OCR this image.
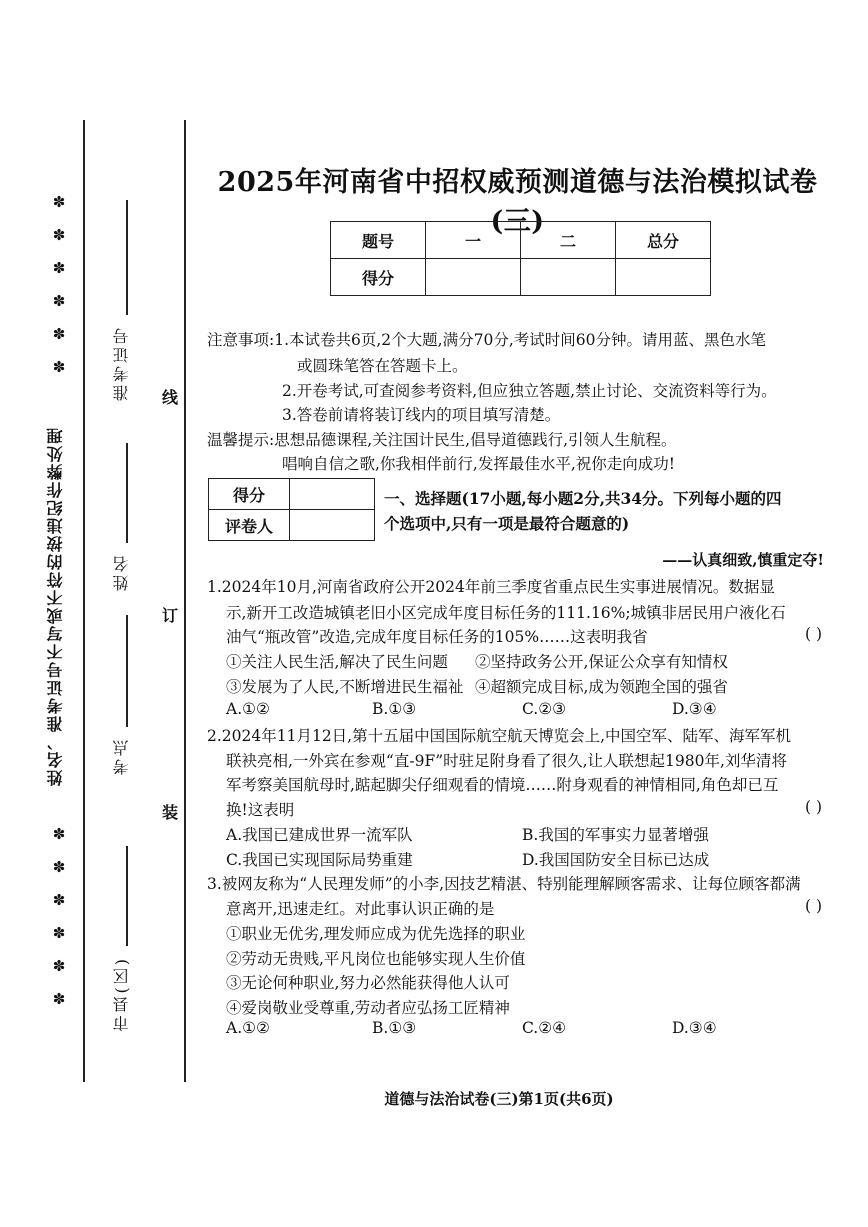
✽
✽
✽
✽
✽
✽
姓名、准考证号不写或不符的按违纪作弊处理
✽
✽
✽
✽
✽
✽
准考证号
姓名
考点
市县(区)
线
订
装
2025年河南省中招权威预测道德与法治模拟试卷(三)
题号	一	二	总分
得分			
注意事项:1.本试卷共6页,2个大题,满分70分,考试时间60分钟。请用蓝、黑色水笔
或圆珠笔答在答题卡上。
2.开卷考试,可查阅参考资料,但应独立答题,禁止讨论、交流资料等行为。
3.答卷前请将装订线内的项目填写清楚。
温馨提示:思想品德课程,关注国计民生,倡导道德践行,引领人生航程。
唱响自信之歌,你我相伴前行,发挥最佳水平,祝你走向成功!
得分	
评卷人	
一、选择题(17小题,每小题2分,共34分。下列每小题的四
个选项中,只有一项是最符合题意的)
——认真细致,慎重定夺!
1.2024年10月,河南省政府公开2024年前三季度省重点民生实事进展情况。数据显
示,新开工改造城镇老旧小区完成年度目标任务的111.16%;城镇非居民用户液化石
油气“瓶改管”改造,完成年度目标任务的105%……这表明我省	( )
①关注人民生活,解决了民生问题 ②坚持政务公开,保证公众享有知情权
③发展为了人民,不断增进民生福祉 ④超额完成目标,成为领跑全国的强省
A.①②	B.①③	C.②③	D.③④
2.2024年11月12日,第十五届中国国际航空航天博览会上,中国空军、陆军、海军军机
联袂亮相,一外宾在参观“直-9F”时驻足附身看了很久,让人联想起1980年,刘华清将
军考察美国航母时,踮起脚尖仔细观看的情境……附身观看的神情相同,角色却已互
换!这表明	( )
A.我国已建成世界一流军队	B.我国的军事实力显著增强
C.我国已实现国际局势重建	D.我国国防安全目标已达成
3.被网友称为“人民理发师”的小李,因技艺精湛、特别能理解顾客需求、让每位顾客都满
意离开,迅速走红。对此事认识正确的是	( )
①职业无优劣,理发师应成为优先选择的职业
②劳动无贵贱,平凡岗位也能够实现人生价值
③无论何种职业,努力必然能获得他人认可
④爱岗敬业受尊重,劳动者应弘扬工匠精神
A.①②	B.①③	C.②④	D.③④
道德与法治试卷(三)第1页(共6页)
